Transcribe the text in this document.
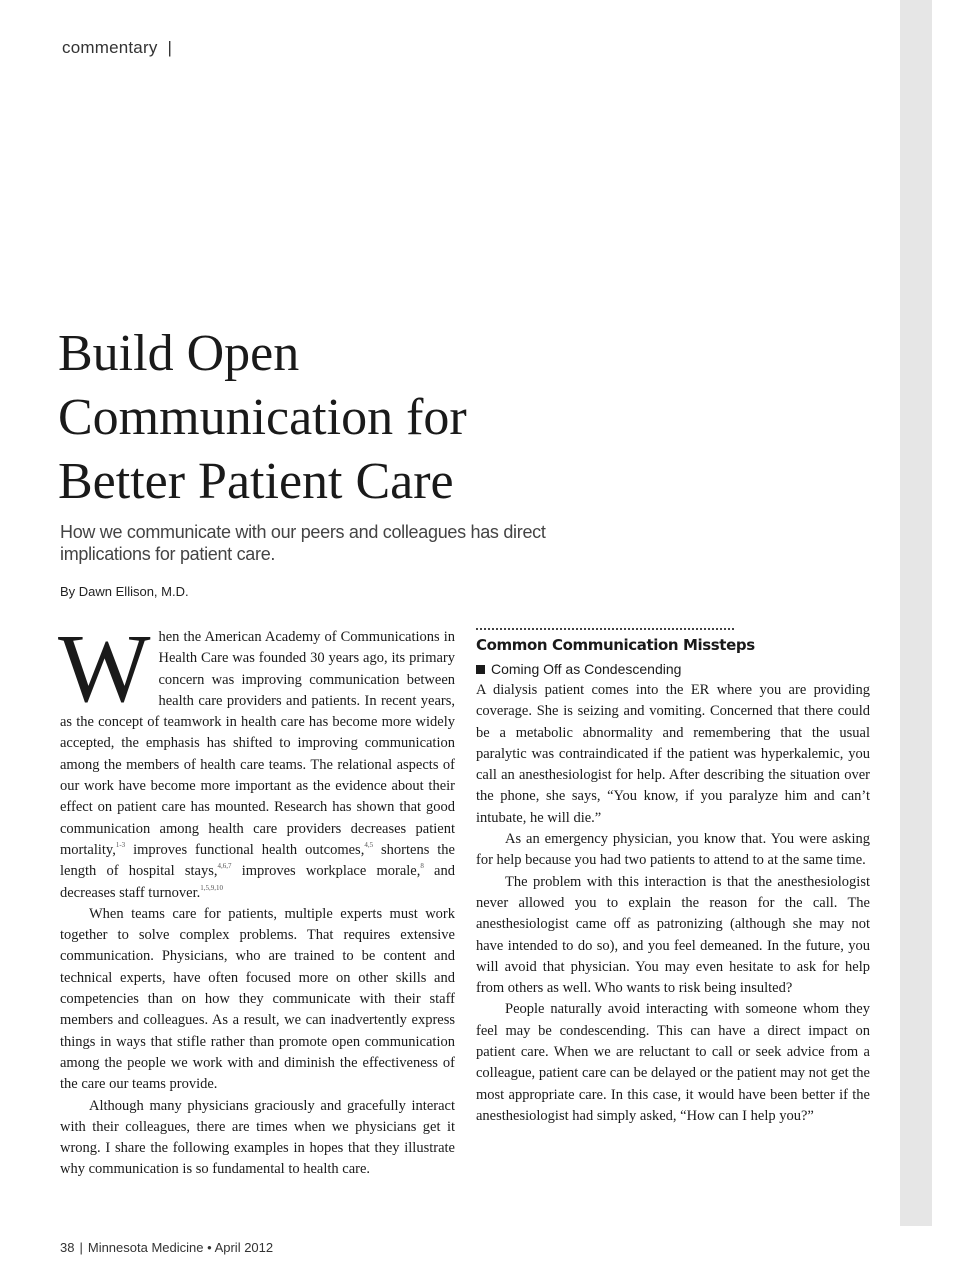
commentary |
Build Open
Communication for
Better Patient Care

How we communicate with our peers and colleagues has direct implications for patient care.

By Dawn Ellison, M.D.

When the American Academy of Communications in Health Care was founded 30 years ago, its primary concern was improving communication between health care providers and patients. In recent years, as the concept of teamwork in health care has become more widely accepted, the emphasis has shifted to improving communication among the members of health care teams. The relational aspects of our work have become more important as the evidence about their effect on patient care has mounted. Research has shown that good communication among health care providers decreases patient mortality,$^{1-3}$ improves functional health outcomes,$^{4,5}$ shortens the length of hospital stays,$^{4,6,7}$ improves workplace morale,$^8$ and decreases staff turnover.$^{1,5,9,10}$

When teams care for patients, multiple experts must work together to solve complex problems. That requires extensive communication. Physicians, who are trained to be content and technical experts, have often focused more on other skills and competencies than on how they communicate with their staff members and colleagues. As a result, we can inadvertently express things in ways that stifle rather than promote open communication among the people we work with and diminish the effectiveness of the care our teams provide.

Although many physicians graciously and gracefully interact with their colleagues, there are times when we physicians get it wrong. I share the following examples in hopes that they illustrate why communication is so fundamental to health care.

Common Communication Missteps
Coming Off as Condescending

A dialysis patient comes into the ER where you are providing coverage. She is seizing and vomiting. Concerned that there could be a metabolic abnormality and remembering that the usual paralytic was contraindicated if the patient was hyperkalemic, you call an anesthesiologist for help. After describing the situation over the phone, she says, “You know, if you paralyze him and can’t intubate, he will die.”

As an emergency physician, you know that. You were asking for help because you had two patients to attend to at the same time.

The problem with this interaction is that the anesthesiologist never allowed you to explain the reason for the call. The anesthesiologist came off as patronizing (although she may not have intended to do so), and you feel demeaned. In the future, you will avoid that physician. You may even hesitate to ask for help from others as well. Who wants to risk being insulted?

People naturally avoid interacting with someone whom they feel may be condescending. This can have a direct impact on patient care. When we are reluctant to call or seek advice from a colleague, patient care can be delayed or the patient may not get the most appropriate care. In this case, it would have been better if the anesthesiologist had simply asked, “How can I help you?”

38 | Minnesota Medicine • April 2012
